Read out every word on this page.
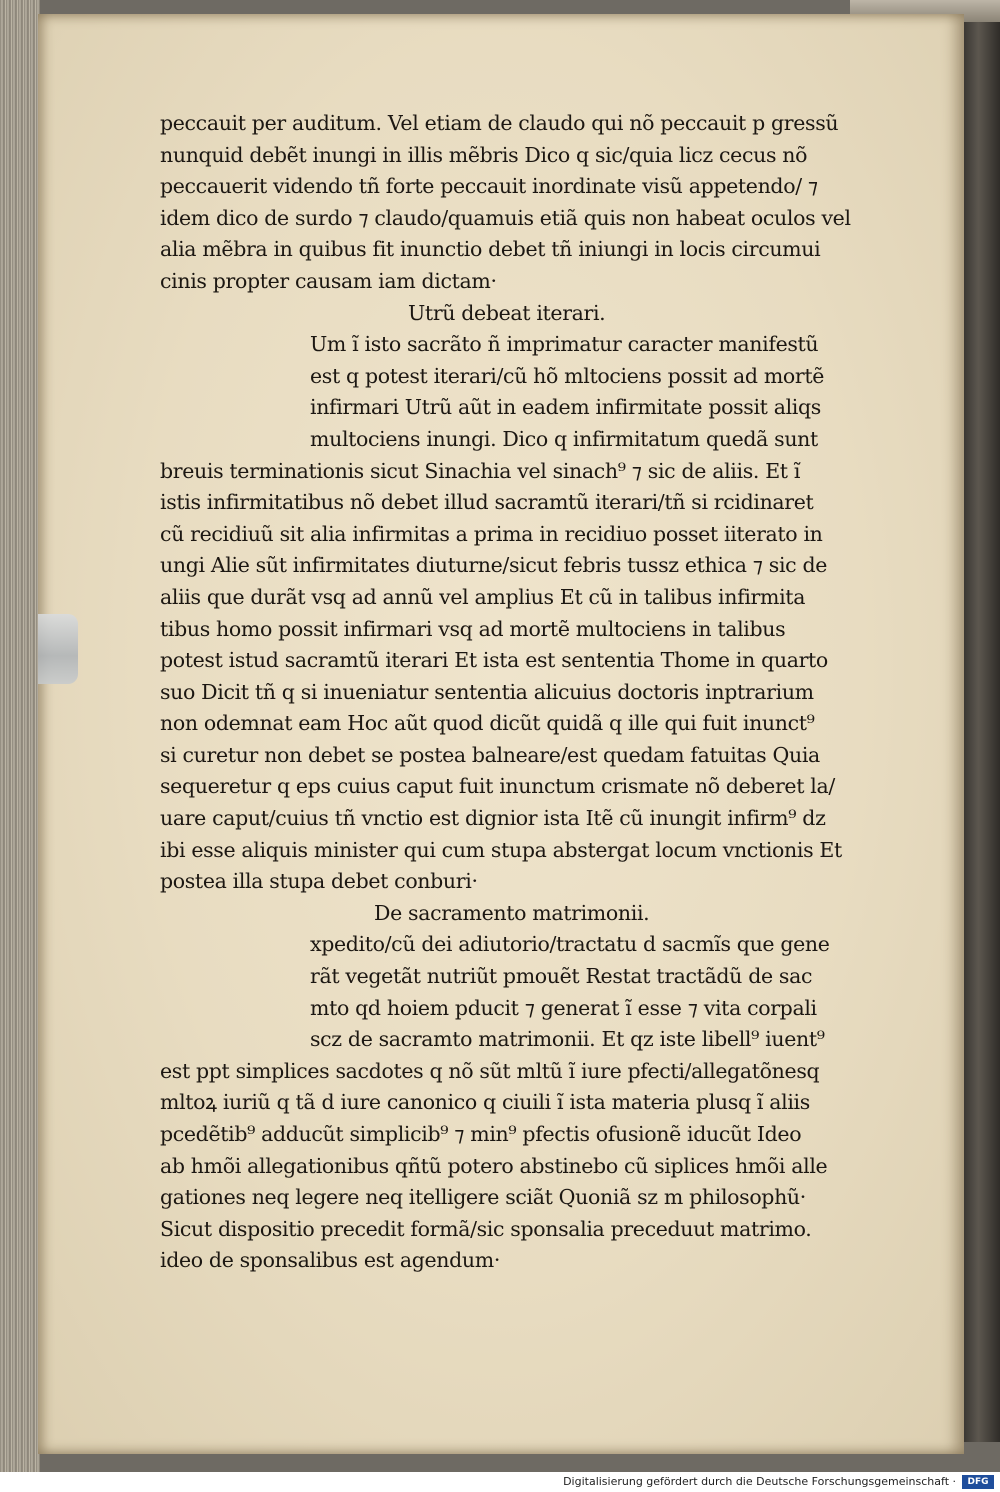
peccauit per auditum. Vel etiam de claudo qui nõ peccauit p gressũ
nunquid debẽt inungi in illis mẽbris Dico q sic/quia licz cecus nõ
peccauerit videndo tñ forte peccauit inordinate visũ appetendo/ ⁊
idem dico de surdo ⁊ claudo/quamuis etiã quis non habeat oculos vel
alia mẽbra in quibus fit inunctio debet tñ iniungi in locis circumui
cinis propter causam iam dictam·
Utrũ debeat iterari.
Um ĩ isto sacrãto ñ imprimatur caracter manifestũ
est q potest iterari/cũ hõ mltociens possit ad mortẽ
infirmari Utrũ aũt in eadem infirmitate possit aliqs
multociens inungi. Dico q infirmitatum quedã sunt
breuis terminationis sicut Sinachia vel sinach⁹ ⁊ sic de aliis. Et ĩ
istis infirmitatibus nõ debet illud sacramtũ iterari/tñ si rcidinaret
cũ recidiuũ sit alia infirmitas a prima in recidiuo posset iiterato in
ungi Alie sũt infirmitates diuturne/sicut febris tussz ethica ⁊ sic de
aliis que durãt vsq ad annũ vel amplius Et cũ in talibus infirmita
tibus homo possit infirmari vsq ad mortẽ multociens in talibus
potest istud sacramtũ iterari Et ista est sententia Thome in quarto
suo Dicit tñ q si inueniatur sententia alicuius doctoris inptrarium
non odemnat eam Hoc aũt quod dicũt quidã q ille qui fuit inunct⁹
si curetur non debet se postea balneare/est quedam fatuitas Quia
sequeretur q eps cuius caput fuit inunctum crismate nõ deberet la/
uare caput/cuius tñ vnctio est dignior ista Itẽ cũ inungit infirm⁹ dz
ibi esse aliquis minister qui cum stupa abstergat locum vnctionis Et
postea illa stupa debet conburi·
De sacramento matrimonii.
xpedito/cũ dei adiutorio/tractatu d sacmĩs que gene
rãt vegetãt nutriũt pmouẽt Restat tractãdũ de sac
mto qd hoiem pducit ⁊ generat ĩ esse ⁊ vita corpali
scz de sacramto matrimonii. Et qz iste libell⁹ iuent⁹
est ppt simplices sacdotes q nõ sũt mltũ ĩ iure pfecti/allegatõnesq
mltoꝝ iuriũ q tã d iure canonico q ciuili ĩ ista materia plusq ĩ aliis
pcedẽtib⁹ adducũt simplicib⁹ ⁊ min⁹ pfectis ofusionẽ iducũt Ideo
ab hmõi allegationibus qñtũ potero abstinebo cũ siplices hmõi alle
gationes neq legere neq itelligere sciãt Quoniã sz m philosophũ·
Sicut dispositio precedit formã/sic sponsalia preceduut matrimo.
ideo de sponsalibus est agendum·
Digitalisierung gefördert durch die Deutsche Forschungsgemeinschaft ·	DFG
